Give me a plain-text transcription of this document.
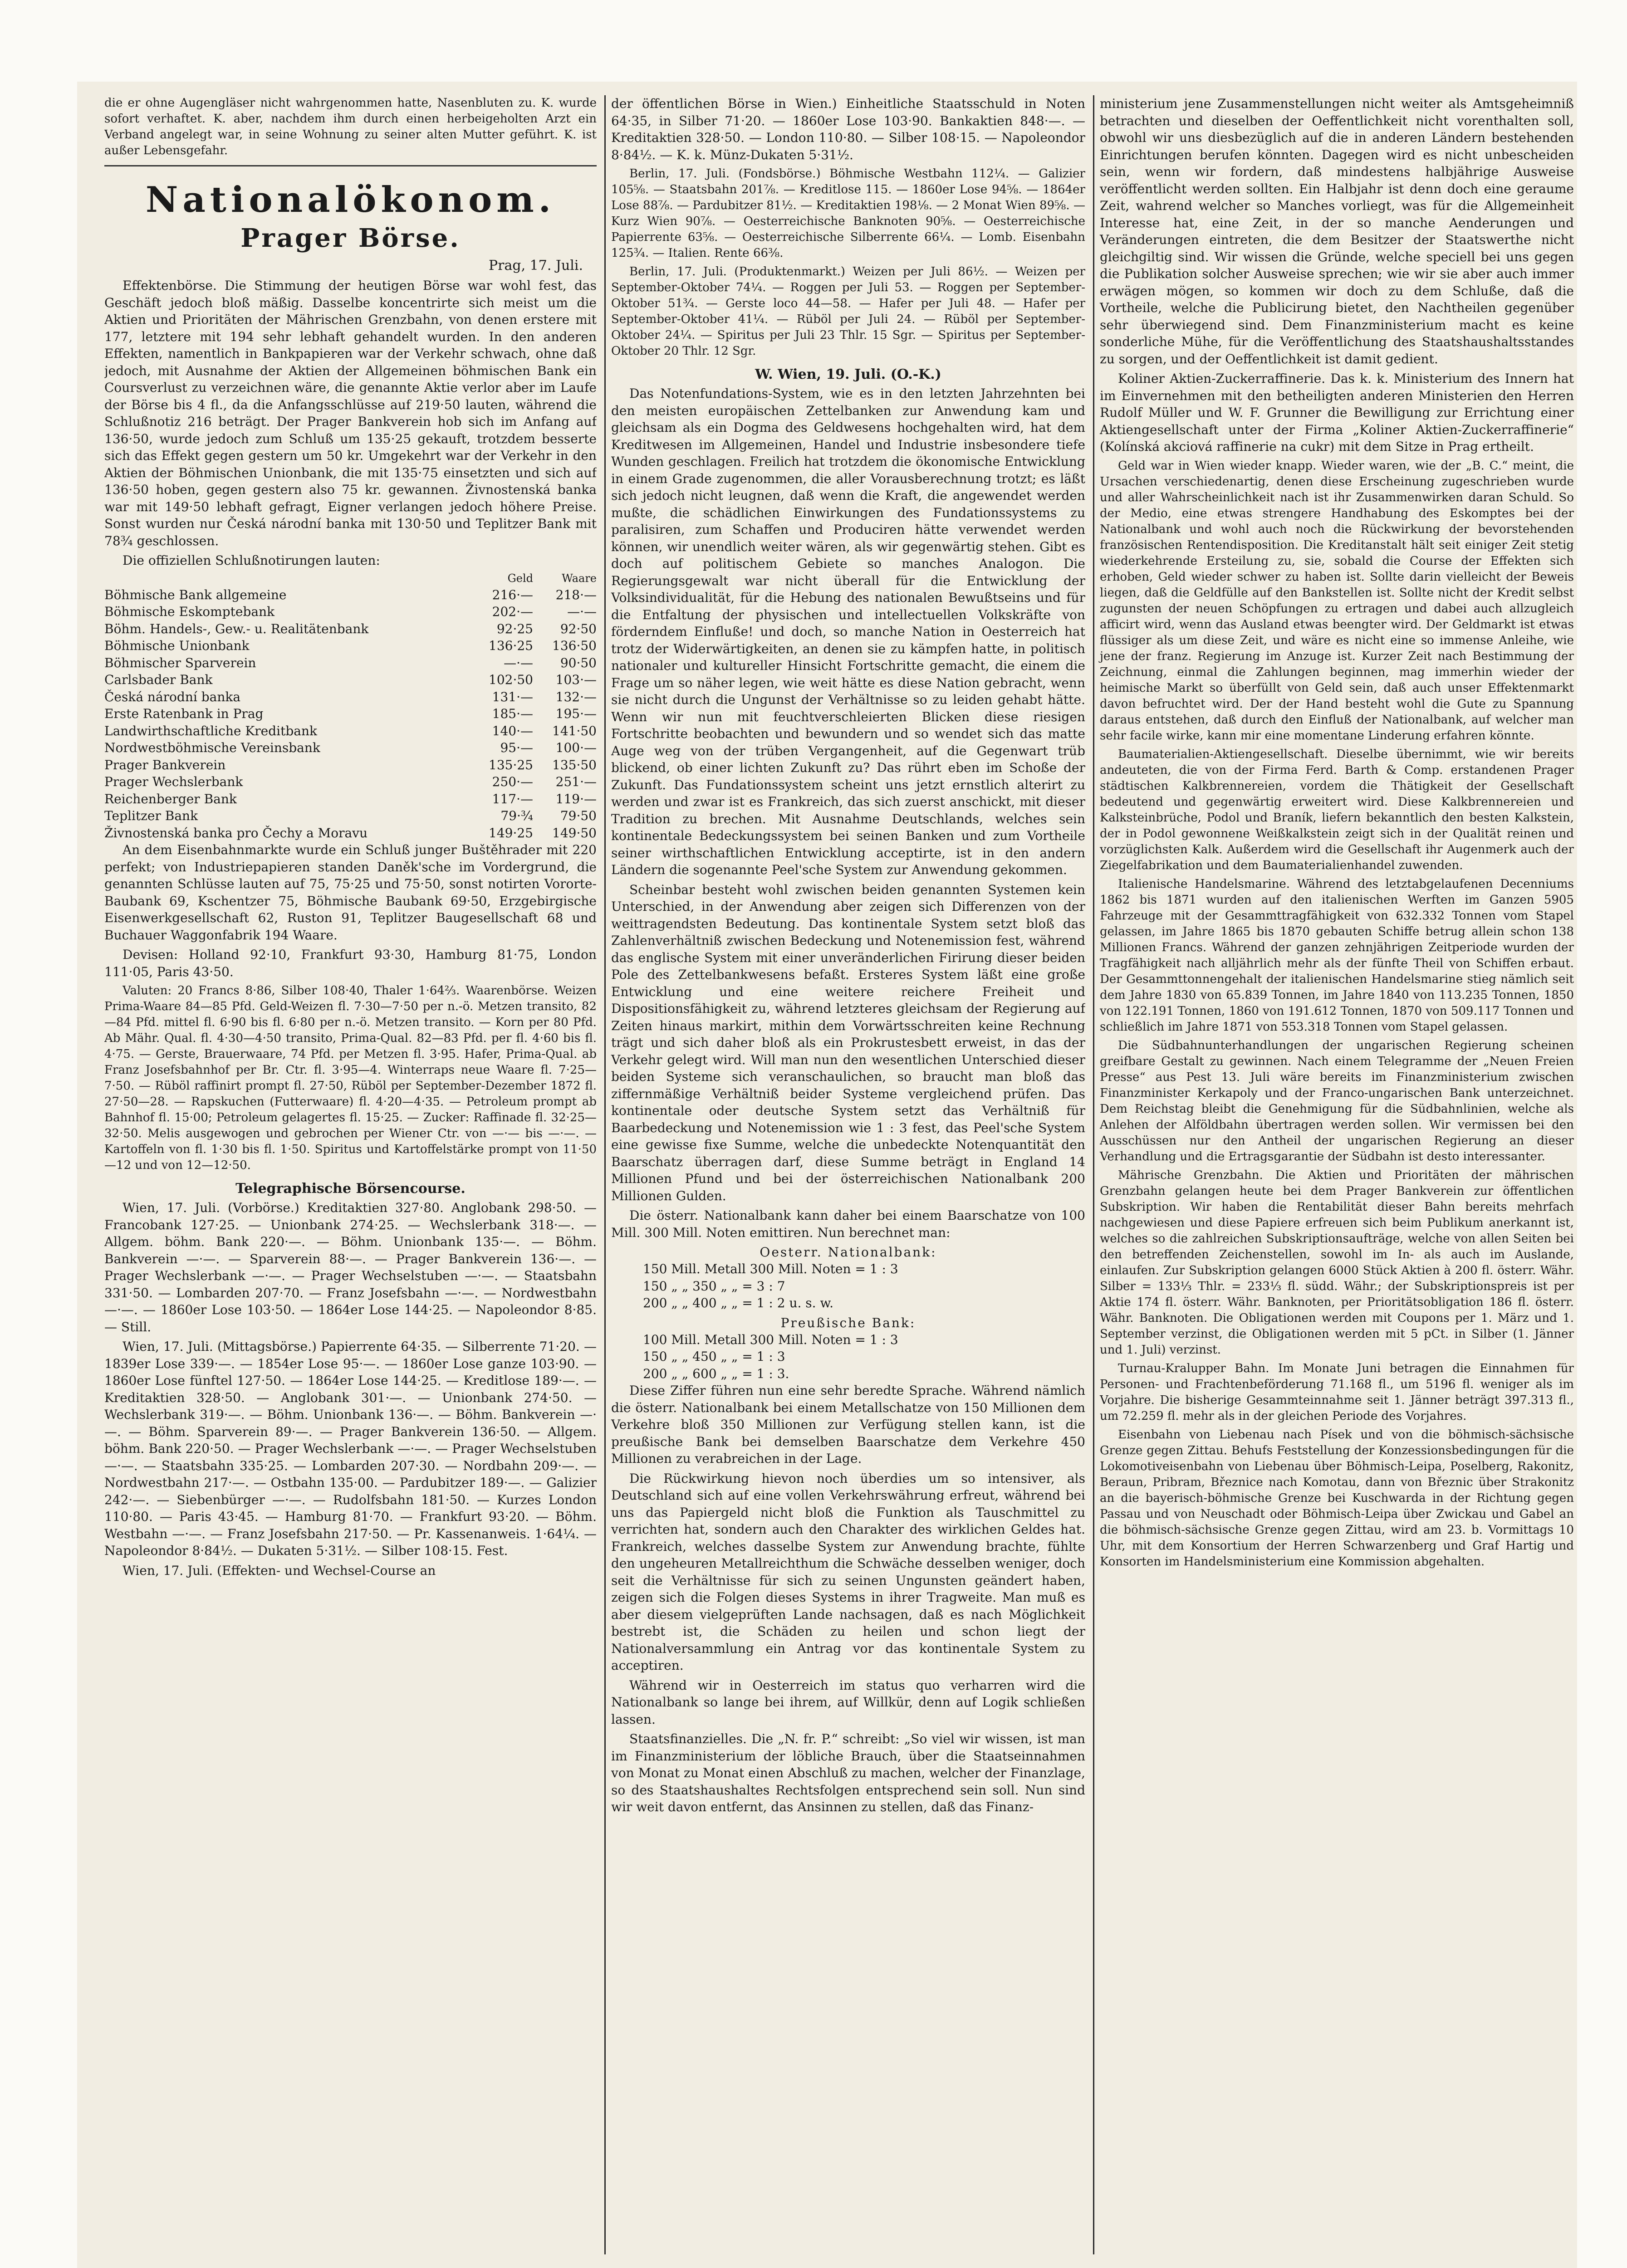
die er ohne Augengläser nicht wahrgenommen hatte, Nasenbluten zu. K. wurde sofort verhaftet. K. aber, nachdem ihm durch einen herbeigeholten Arzt ein Verband angelegt war, in seine Wohnung zu seiner alten Mutter geführt. K. ist außer Lebensgefahr.

Nationalökonom.
Prager Börse.
Prag, 17. Juli.

Effektenbörse. Die Stimmung der heutigen Börse war wohl fest, das Geschäft jedoch bloß mäßig. Dasselbe koncentrirte sich meist um die Aktien und Prioritäten der Mährischen Grenzbahn, von denen erstere mit 177, letztere mit 194 sehr lebhaft gehandelt wurden. In den anderen Effekten, namentlich in Bankpapieren war der Verkehr schwach, ohne daß jedoch, mit Ausnahme der Aktien der Allgemeinen böhmischen Bank ein Coursverlust zu verzeichnen wäre, die genannte Aktie verlor aber im Laufe der Börse bis 4 fl., da die Anfangsschlüsse auf 219·50 lauten, während die Schlußnotiz 216 beträgt. Der Prager Bankverein hob sich im Anfang auf 136·50, wurde jedoch zum Schluß um 135·25 gekauft, trotzdem besserte sich das Effekt gegen gestern um 50 kr. Umgekehrt war der Verkehr in den Aktien der Böhmischen Unionbank, die mit 135·75 einsetzten und sich auf 136·50 hoben, gegen gestern also 75 kr. gewannen. Živnostenská banka war mit 149·50 lebhaft gefragt, Eigner verlangen jedoch höhere Preise. Sonst wurden nur Česká národní banka mit 130·50 und Teplitzer Bank mit 78¾ geschlossen.

Die offiziellen Schlußnotirungen lauten:

Geld	Waare
Böhmische Bank allgemeine	216·—	218·—
Böhmische Eskomptebank	202·—	—·—
Böhm. Handels-, Gew.- u. Realitätenbank	92·25	92·50
Böhmische Unionbank	136·25	136·50
Böhmischer Sparverein	—·—	90·50
Carlsbader Bank	102·50	103·—
Česká národní banka	131·—	132·—
Erste Ratenbank in Prag	185·—	195·—
Landwirthschaftliche Kreditbank	140·—	141·50
Nordwestböhmische Vereinsbank	95·—	100·—
Prager Bankverein	135·25	135·50
Prager Wechslerbank	250·—	251·—
Reichenberger Bank	117·—	119·—
Teplitzer Bank	79·¾	79·50
Živnostenská banka pro Čechy a Moravu	149·25	149·50

An dem Eisenbahnmarkte wurde ein Schluß junger Buštěhrader mit 220 perfekt; von Industriepapieren standen Daněk'sche im Vordergrund, die genannten Schlüsse lauten auf 75, 75·25 und 75·50, sonst notirten Vororte-Baubank 69, Kschentzer 75, Böhmische Baubank 69·50, Erzgebirgische Eisenwerkgesellschaft 62, Ruston 91, Teplitzer Baugesellschaft 68 und Buchauer Waggonfabrik 194 Waare.

Devisen: Holland 92·10, Frankfurt 93·30, Hamburg 81·75, London 111·05, Paris 43·50.

Valuten: 20 Francs 8·86, Silber 108·40, Thaler 1·64⅔. Waarenbörse. Weizen Prima-Waare 84—85 Pfd. Geld-Weizen fl. 7·30—7·50 per n.-ö. Metzen transito, 82—84 Pfd. mittel fl. 6·90 bis fl. 6·80 per n.-ö. Metzen transito. — Korn per 80 Pfd. Ab Mähr. Qual. fl. 4·30—4·50 transito, Prima-Qual. 82—83 Pfd. per fl. 4·60 bis fl. 4·75. — Gerste, Brauerwaare, 74 Pfd. per Metzen fl. 3·95. Hafer, Prima-Qual. ab Franz Josefsbahnhof per Br. Ctr. fl. 3·95—4. Winterraps neue Waare fl. 7·25—7·50. — Rüböl raffinirt prompt fl. 27·50, Rüböl per September-Dezember 1872 fl. 27·50—28. — Rapskuchen (Futterwaare) fl. 4·20—4·35. — Petroleum prompt ab Bahnhof fl. 15·00; Petroleum gelagertes fl. 15·25. — Zucker: Raffinade fl. 32·25—32·50. Melis ausgewogen und gebrochen per Wiener Ctr. von —·— bis —·—. — Kartoffeln von fl. 1·30 bis fl. 1·50. Spiritus und Kartoffelstärke prompt von 11·50—12 und von 12—12·50.

Telegraphische Börsencourse.

Wien, 17. Juli. (Vorbörse.) Kreditaktien 327·80. Anglobank 298·50. — Francobank 127·25. — Unionbank 274·25. — Wechslerbank 318·—. — Allgem. böhm. Bank 220·—. — Böhm. Unionbank 135·—. — Böhm. Bankverein —·—. — Sparverein 88·—. — Prager Bankverein 136·—. — Prager Wechslerbank —·—. — Prager Wechselstuben —·—. — Staatsbahn 331·50. — Lombarden 207·70. — Franz Josefsbahn —·—. — Nordwestbahn —·—. — 1860er Lose 103·50. — 1864er Lose 144·25. — Napoleondor 8·85. — Still.

Wien, 17. Juli. (Mittagsbörse.) Papierrente 64·35. — Silberrente 71·20. — 1839er Lose 339·—. — 1854er Lose 95·—. — 1860er Lose ganze 103·90. — 1860er Lose fünftel 127·50. — 1864er Lose 144·25. — Kreditlose 189·—. — Kreditaktien 328·50. — Anglobank 301·—. — Unionbank 274·50. — Wechslerbank 319·—. — Böhm. Unionbank 136·—. — Böhm. Bankverein —·—. — Böhm. Sparverein 89·—. — Prager Bankverein 136·50. — Allgem. böhm. Bank 220·50. — Prager Wechslerbank —·—. — Prager Wechselstuben —·—. — Staatsbahn 335·25. — Lombarden 207·30. — Nordbahn 209·—. — Nordwestbahn 217·—. — Ostbahn 135·00. — Pardubitzer 189·—. — Galizier 242·—. — Siebenbürger —·—. — Rudolfsbahn 181·50. — Kurzes London 110·80. — Paris 43·45. — Hamburg 81·70. — Frankfurt 93·20. — Böhm. Westbahn —·—. — Franz Josefsbahn 217·50. — Pr. Kassenanweis. 1·64¼. — Napoleondor 8·84½. — Dukaten 5·31½. — Silber 108·15. Fest.

Wien, 17. Juli. (Effekten- und Wechsel-Course an

der öffentlichen Börse in Wien.) Einheitliche Staatsschuld in Noten 64·35, in Silber 71·20. — 1860er Lose 103·90. Bankaktien 848·—. — Kreditaktien 328·50. — London 110·80. — Silber 108·15. — Napoleondor 8·84½. — K. k. Münz-Dukaten 5·31½.

Berlin, 17. Juli. (Fondsbörse.) Böhmische Westbahn 112¼. — Galizier 105⅝. — Staatsbahn 201⅞. — Kreditlose 115. — 1860er Lose 94⅝. — 1864er Lose 88⅞. — Pardubitzer 81½. — Kreditaktien 198⅛. — 2 Monat Wien 89⅝. — Kurz Wien 90⅞. — Oesterreichische Banknoten 90⅝. — Oesterreichische Papierrente 63⅝. — Oesterreichische Silberrente 66¼. — Lomb. Eisenbahn 125¾. — Italien. Rente 66⅜.

Berlin, 17. Juli. (Produktenmarkt.) Weizen per Juli 86½. — Weizen per September-Oktober 74¼. — Roggen per Juli 53. — Roggen per September-Oktober 51¾. — Gerste loco 44—58. — Hafer per Juli 48. — Hafer per September-Oktober 41¼. — Rüböl per Juli 24. — Rüböl per September-Oktober 24¼. — Spiritus per Juli 23 Thlr. 15 Sgr. — Spiritus per September-Oktober 20 Thlr. 12 Sgr.

W. Wien, 19. Juli. (O.-K.)

Das Notenfundations-System, wie es in den letzten Jahrzehnten bei den meisten europäischen Zettelbanken zur Anwendung kam und gleichsam als ein Dogma des Geldwesens hochgehalten wird, hat dem Kreditwesen im Allgemeinen, Handel und Industrie insbesondere tiefe Wunden geschlagen. Freilich hat trotzdem die ökonomische Entwicklung in einem Grade zugenommen, die aller Vorausberechnung trotzt; es läßt sich jedoch nicht leugnen, daß wenn die Kraft, die angewendet werden mußte, die schädlichen Einwirkungen des Fundationssystems zu paralisiren, zum Schaffen und Produciren hätte verwendet werden können, wir unendlich weiter wären, als wir gegenwärtig stehen. Gibt es doch auf politischem Gebiete so manches Analogon. Die Regierungsgewalt war nicht überall für die Entwicklung der Volksindividualität, für die Hebung des nationalen Bewußtseins und für die Entfaltung der physischen und intellectuellen Volkskräfte von förderndem Einfluße! und doch, so manche Nation in Oesterreich hat trotz der Widerwärtigkeiten, an denen sie zu kämpfen hatte, in politisch nationaler und kultureller Hinsicht Fortschritte gemacht, die einem die Frage um so näher legen, wie weit hätte es diese Nation gebracht, wenn sie nicht durch die Ungunst der Verhältnisse so zu leiden gehabt hätte. Wenn wir nun mit feuchtverschleierten Blicken diese riesigen Fortschritte beobachten und bewundern und so wendet sich das matte Auge weg von der trüben Vergangenheit, auf die Gegenwart trüb blickend, ob einer lichten Zukunft zu? Das rührt eben im Schoße der Zukunft. Das Fundationssystem scheint uns jetzt ernstlich alterirt zu werden und zwar ist es Frankreich, das sich zuerst anschickt, mit dieser Tradition zu brechen. Mit Ausnahme Deutschlands, welches sein kontinentale Bedeckungssystem bei seinen Banken und zum Vortheile seiner wirthschaftlichen Entwicklung acceptirte, ist in den andern Ländern die sogenannte Peel'sche System zur Anwendung gekommen.

Scheinbar besteht wohl zwischen beiden genannten Systemen kein Unterschied, in der Anwendung aber zeigen sich Differenzen von der weittragendsten Bedeutung. Das kontinentale System setzt bloß das Zahlenverhältniß zwischen Bedeckung und Notenemission fest, während das englische System mit einer unveränderlichen Firirung dieser beiden Pole des Zettelbankwesens befaßt. Ersteres System läßt eine große Entwicklung und eine weitere reichere Freiheit und Dispositionsfähigkeit zu, während letzteres gleichsam der Regierung auf Zeiten hinaus markirt, mithin dem Vorwärtsschreiten keine Rechnung trägt und sich daher bloß als ein Prokrustesbett erweist, in das der Verkehr gelegt wird. Will man nun den wesentlichen Unterschied dieser beiden Systeme sich veranschaulichen, so braucht man bloß das ziffernmäßige Verhältniß beider Systeme vergleichend prüfen. Das kontinentale oder deutsche System setzt das Verhältniß für Baarbedeckung und Notenemission wie 1 : 3 fest, das Peel'sche System eine gewisse fixe Summe, welche die unbedeckte Notenquantität den Baarschatz überragen darf, diese Summe beträgt in England 14 Millionen Pfund und bei der österreichischen Nationalbank 200 Millionen Gulden.

Die österr. Nationalbank kann daher bei einem Baarschatze von 100 Mill. 300 Mill. Noten emittiren. Nun berechnet man:

Oesterr. Nationalbank:
150 Mill. Metall 300 Mill. Noten = 1 : 3
150 „ „ 350 „ „ = 3 : 7
200 „ „ 400 „ „ = 1 : 2 u. s. w.
Preußische Bank:
100 Mill. Metall 300 Mill. Noten = 1 : 3
150 „ „ 450 „ „ = 1 : 3
200 „ „ 600 „ „ = 1 : 3.

Diese Ziffer führen nun eine sehr beredte Sprache. Während nämlich die österr. Nationalbank bei einem Metallschatze von 150 Millionen dem Verkehre bloß 350 Millionen zur Verfügung stellen kann, ist die preußische Bank bei demselben Baarschatze dem Verkehre 450 Millionen zu verabreichen in der Lage.

Die Rückwirkung hievon noch überdies um so intensiver, als Deutschland sich auf eine vollen Verkehrswährung erfreut, während bei uns das Papiergeld nicht bloß die Funktion als Tauschmittel zu verrichten hat, sondern auch den Charakter des wirklichen Geldes hat. Frankreich, welches dasselbe System zur Anwendung brachte, fühlte den ungeheuren Metallreichthum die Schwäche desselben weniger, doch seit die Verhältnisse für sich zu seinen Ungunsten geändert haben, zeigen sich die Folgen dieses Systems in ihrer Tragweite. Man muß es aber diesem vielgeprüften Lande nachsagen, daß es nach Möglichkeit bestrebt ist, die Schäden zu heilen und schon liegt der Nationalversammlung ein Antrag vor das kontinentale System zu acceptiren.

Während wir in Oesterreich im status quo verharren wird die Nationalbank so lange bei ihrem, auf Willkür, denn auf Logik schließen lassen.

Staatsfinanzielles. Die „N. fr. P.“ schreibt: „So viel wir wissen, ist man im Finanzministerium der löbliche Brauch, über die Staatseinnahmen von Monat zu Monat einen Abschluß zu machen, welcher der Finanzlage, so des Staatshaushaltes Rechtsfolgen entsprechend sein soll. Nun sind wir weit davon entfernt, das Ansinnen zu stellen, daß das Finanz-

ministerium jene Zusammenstellungen nicht weiter als Amtsgeheimniß betrachten und dieselben der Oeffentlichkeit nicht vorenthalten soll, obwohl wir uns diesbezüglich auf die in anderen Ländern bestehenden Einrichtungen berufen könnten. Dagegen wird es nicht unbescheiden sein, wenn wir fordern, daß mindestens halbjährige Ausweise veröffentlicht werden sollten. Ein Halbjahr ist denn doch eine geraume Zeit, wahrend welcher so Manches vorliegt, was für die Allgemeinheit Interesse hat, eine Zeit, in der so manche Aenderungen und Veränderungen eintreten, die dem Besitzer der Staatswerthe nicht gleichgiltig sind. Wir wissen die Gründe, welche speciell bei uns gegen die Publikation solcher Ausweise sprechen; wie wir sie aber auch immer erwägen mögen, so kommen wir doch zu dem Schluße, daß die Vortheile, welche die Publicirung bietet, den Nachtheilen gegenüber sehr überwiegend sind. Dem Finanzministerium macht es keine sonderliche Mühe, für die Veröffentlichung des Staatshaushaltsstandes zu sorgen, und der Oeffentlichkeit ist damit gedient.

Koliner Aktien-Zuckerraffinerie. Das k. k. Ministerium des Innern hat im Einvernehmen mit den betheiligten anderen Ministerien den Herren Rudolf Müller und W. F. Grunner die Bewilligung zur Errichtung einer Aktiengesellschaft unter der Firma „Koliner Aktien-Zuckerraffinerie“ (Kolínská akciová raffinerie na cukr) mit dem Sitze in Prag ertheilt.

Geld war in Wien wieder knapp. Wieder waren, wie der „B. C.“ meint, die Ursachen verschiedenartig, denen diese Erscheinung zugeschrieben wurde und aller Wahrscheinlichkeit nach ist ihr Zusammenwirken daran Schuld. So der Medio, eine etwas strengere Handhabung des Eskomptes bei der Nationalbank und wohl auch noch die Rückwirkung der bevorstehenden französischen Rentendisposition. Die Kreditanstalt hält seit einiger Zeit stetig wiederkehrende Ersteilung zu, sie, sobald die Course der Effekten sich erhoben, Geld wieder schwer zu haben ist. Sollte darin vielleicht der Beweis liegen, daß die Geldfülle auf den Bankstellen ist. Sollte nicht der Kredit selbst zugunsten der neuen Schöpfungen zu ertragen und dabei auch allzugleich afficirt wird, wenn das Ausland etwas beengter wird. Der Geldmarkt ist etwas flüssiger als um diese Zeit, und wäre es nicht eine so immense Anleihe, wie jene der franz. Regierung im Anzuge ist. Kurzer Zeit nach Bestimmung der Zeichnung, einmal die Zahlungen beginnen, mag immerhin wieder der heimische Markt so überfüllt von Geld sein, daß auch unser Effektenmarkt davon befruchtet wird. Der der Hand besteht wohl die Gute zu Spannung daraus entstehen, daß durch den Einfluß der Nationalbank, auf welcher man sehr facile wirke, kann mir eine momentane Linderung erfahren könnte.

Baumaterialien-Aktiengesellschaft. Dieselbe übernimmt, wie wir bereits andeuteten, die von der Firma Ferd. Barth & Comp. erstandenen Prager städtischen Kalkbrennereien, vordem die Thätigkeit der Gesellschaft bedeutend und gegenwärtig erweitert wird. Diese Kalkbrennereien und Kalksteinbrüche, Podol und Braník, liefern bekanntlich den besten Kalkstein, der in Podol gewonnene Weißkalkstein zeigt sich in der Qualität reinen und vorzüglichsten Kalk. Außerdem wird die Gesellschaft ihr Augenmerk auch der Ziegelfabrikation und dem Baumaterialienhandel zuwenden.

Italienische Handelsmarine. Während des letztabgelaufenen Decenniums 1862 bis 1871 wurden auf den italienischen Werften im Ganzen 5905 Fahrzeuge mit der Gesammttragfähigkeit von 632.332 Tonnen vom Stapel gelassen, im Jahre 1865 bis 1870 gebauten Schiffe betrug allein schon 138 Millionen Francs. Während der ganzen zehnjährigen Zeitperiode wurden der Tragfähigkeit nach alljährlich mehr als der fünfte Theil von Schiffen erbaut. Der Gesammttonnengehalt der italienischen Handelsmarine stieg nämlich seit dem Jahre 1830 von 65.839 Tonnen, im Jahre 1840 von 113.235 Tonnen, 1850 von 122.191 Tonnen, 1860 von 191.612 Tonnen, 1870 von 509.117 Tonnen und schließlich im Jahre 1871 von 553.318 Tonnen vom Stapel gelassen.

Die Südbahnunterhandlungen der ungarischen Regierung scheinen greifbare Gestalt zu gewinnen. Nach einem Telegramme der „Neuen Freien Presse“ aus Pest 13. Juli wäre bereits im Finanzministerium zwischen Finanzminister Kerkapoly und der Franco-ungarischen Bank unterzeichnet. Dem Reichstag bleibt die Genehmigung für die Südbahnlinien, welche als Anlehen der Alföldbahn übertragen werden sollen. Wir vermissen bei den Ausschüssen nur den Antheil der ungarischen Regierung an dieser Verhandlung und die Ertragsgarantie der Südbahn ist desto interessanter.

Mährische Grenzbahn. Die Aktien und Prioritäten der mährischen Grenzbahn gelangen heute bei dem Prager Bankverein zur öffentlichen Subskription. Wir haben die Rentabilität dieser Bahn bereits mehrfach nachgewiesen und diese Papiere erfreuen sich beim Publikum anerkannt ist, welches so die zahlreichen Subskriptionsaufträge, welche von allen Seiten bei den betreffenden Zeichenstellen, sowohl im In- als auch im Auslande, einlaufen. Zur Subskription gelangen 6000 Stück Aktien à 200 fl. österr. Währ. Silber = 133⅓ Thlr. = 233⅓ fl. südd. Währ.; der Subskriptionspreis ist per Aktie 174 fl. österr. Währ. Banknoten, per Prioritätsobligation 186 fl. österr. Währ. Banknoten. Die Obligationen werden mit Coupons per 1. März und 1. September verzinst, die Obligationen werden mit 5 pCt. in Silber (1. Jänner und 1. Juli) verzinst.

Turnau-Kralupper Bahn. Im Monate Juni betragen die Einnahmen für Personen- und Frachtenbeförderung 71.168 fl., um 5196 fl. weniger als im Vorjahre. Die bisherige Gesammteinnahme seit 1. Jänner beträgt 397.313 fl., um 72.259 fl. mehr als in der gleichen Periode des Vorjahres.

Eisenbahn von Liebenau nach Písek und von die böhmisch-sächsische Grenze gegen Zittau. Behufs Feststellung der Konzessionsbedingungen für die Lokomotiveisenbahn von Liebenau über Böhmisch-Leipa, Poselberg, Rakonitz, Beraun, Pribram, Březnice nach Komotau, dann von Březnic über Strakonitz an die bayerisch-böhmische Grenze bei Kuschwarda in der Richtung gegen Passau und von Neuschadt oder Böhmisch-Leipa über Zwickau und Gabel an die böhmisch-sächsische Grenze gegen Zittau, wird am 23. b. Vormittags 10 Uhr, mit dem Konsortium der Herren Schwarzenberg und Graf Hartig und Konsorten im Handelsministerium eine Kommission abgehalten.
